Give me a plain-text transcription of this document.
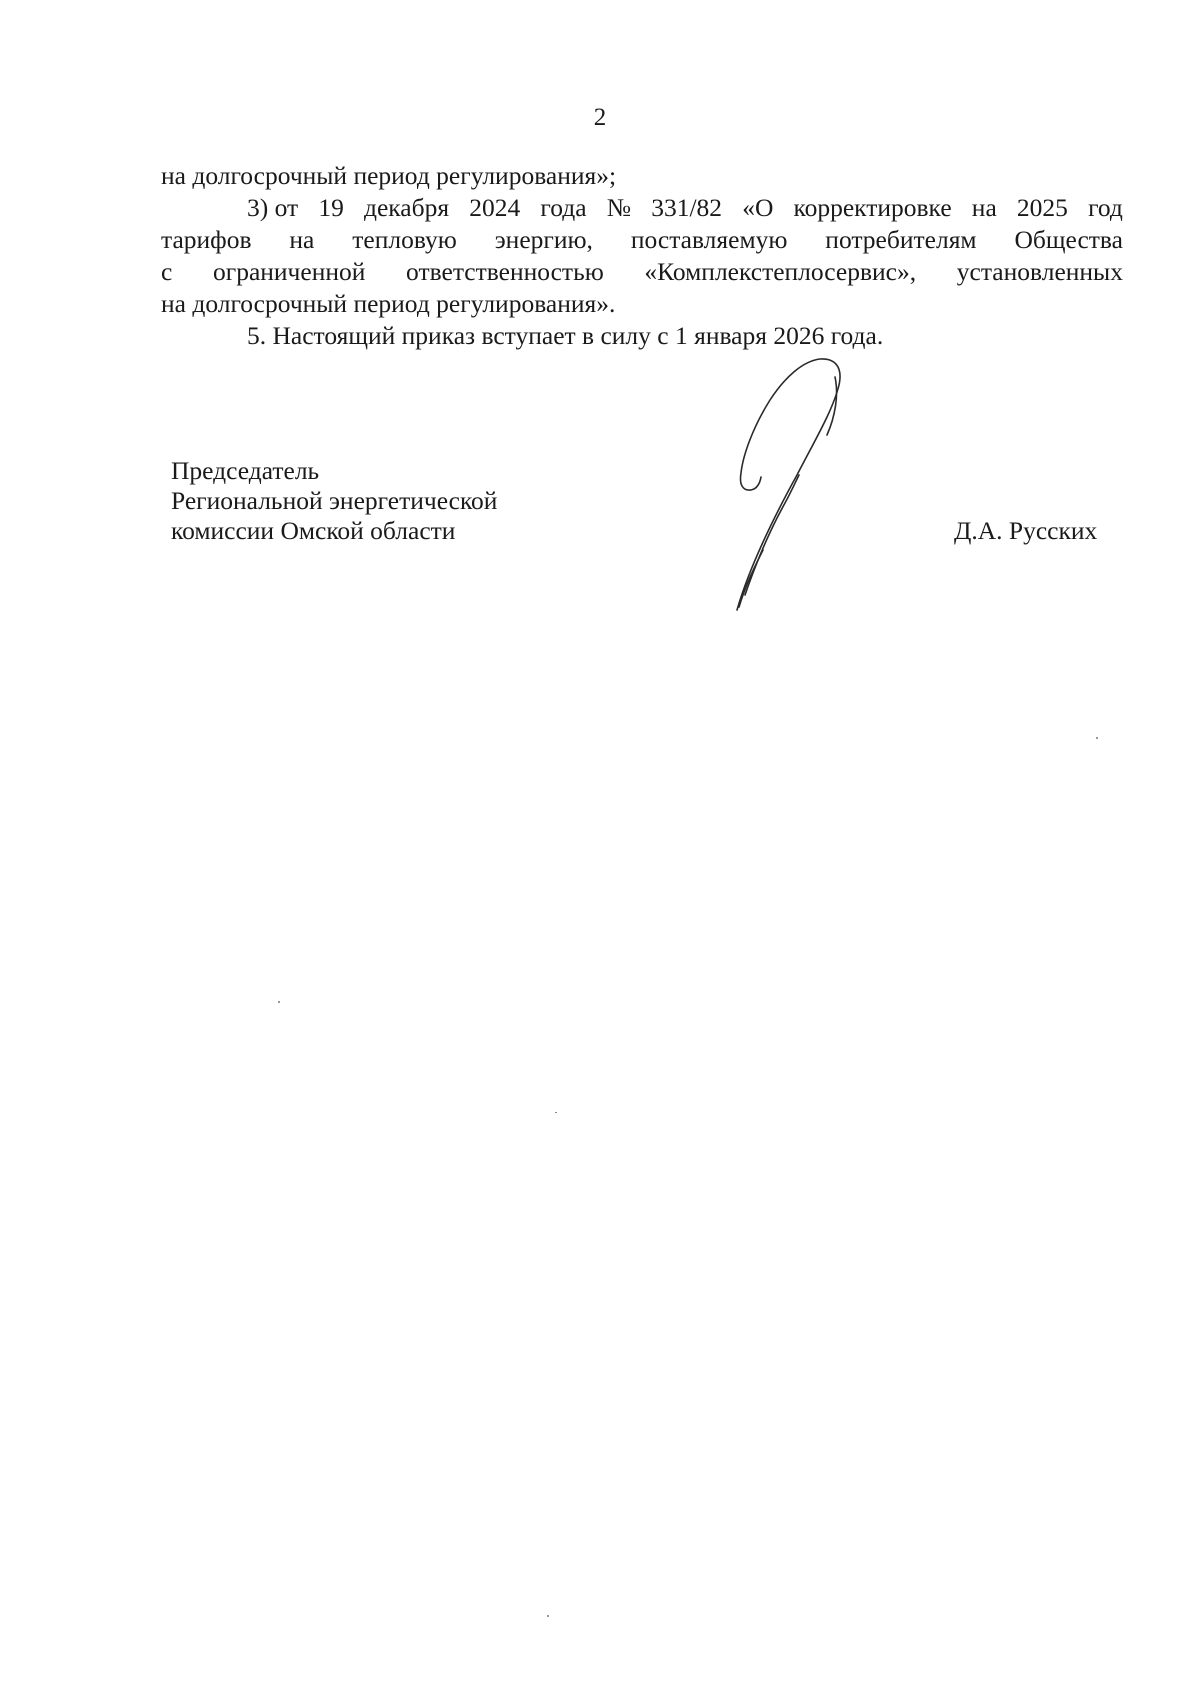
2
на долгосрочный период регулирования»;
3) от 19 декабря 2024 года № 331/82 «О корректировке на 2025 год
тарифов на тепловую энергию, поставляемую потребителям Общества
с ограниченной ответственностью «Комплекстеплосервис», установленных
на долгосрочный период регулирования».
5. Настоящий приказ вступает в силу с 1 января 2026 года.
Председатель
Региональной энергетической
комиссии Омской области	Д.А. Русских
